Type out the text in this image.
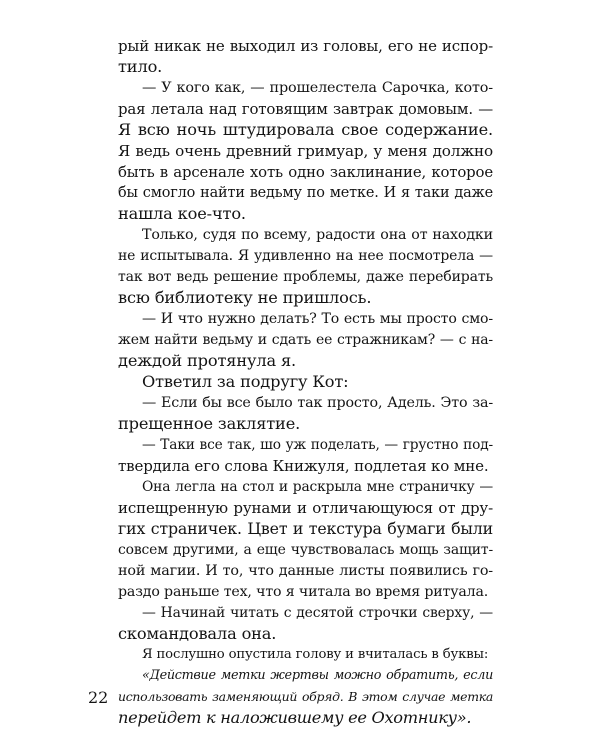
рый никак не выходил из головы, его не испор-
тило.
— У кого как, — прошелестела Сарочка, кото-
рая летала над готовящим завтрак домовым. —
Я всю ночь штудировала свое содержание.
Я ведь очень древний гримуар, у меня должно
быть в арсенале хоть одно заклинание, которое
бы смогло найти ведьму по метке. И я таки даже
нашла кое-что.
Только, судя по всему, радости она от находки
не испытывала. Я удивленно на нее посмотрела —
так вот ведь решение проблемы, даже перебирать
всю библиотеку не пришлось.
— И что нужно делать? То есть мы просто смо-
жем найти ведьму и сдать ее стражникам? — с на-
деждой протянула я.
Ответил за подругу Кот:
— Если бы все было так просто, Адель. Это за-
прещенное заклятие.
— Таки все так, шо уж поделать, — грустно под-
твердила его слова Книжуля, подлетая ко мне.
Она легла на стол и раскрыла мне страничку —
испещренную рунами и отличающуюся от дру-
гих страничек. Цвет и текстура бумаги были
совсем другими, а еще чувствовалась мощь защит-
ной магии. И то, что данные листы появились го-
раздо раньше тех, что я читала во время ритуала.
— Начинай читать с десятой строчки сверху, —
скомандовала она.
Я послушно опустила голову и вчиталась в буквы:
«Действие метки жертвы можно обратить, если
использовать заменяющий обряд. В этом случае метка
перейдет к наложившему ее Охотнику».
22
